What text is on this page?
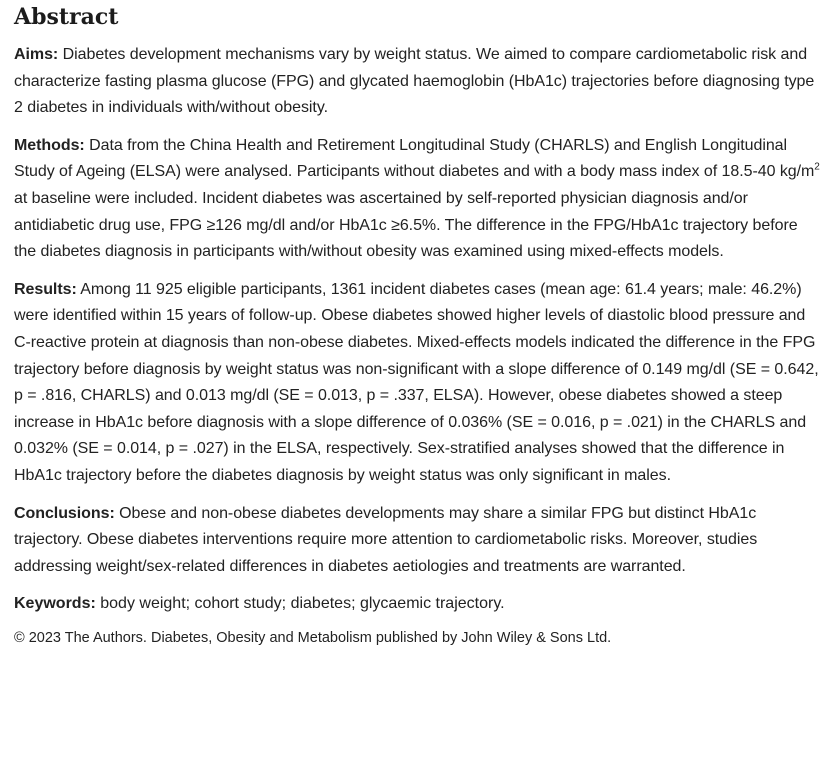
Abstract

Aims: Diabetes development mechanisms vary by weight status. We aimed to compare cardiometabolic risk and characterize fasting plasma glucose (FPG) and glycated haemoglobin (HbA1c) trajectories before diagnosing type 2 diabetes in individuals with/without obesity.

Methods: Data from the China Health and Retirement Longitudinal Study (CHARLS) and English Longitudinal Study of Ageing (ELSA) were analysed. Participants without diabetes and with a body mass index of 18.5-40 $kg/m^2$ at baseline were included. Incident diabetes was ascertained by self-reported physician diagnosis and/or antidiabetic drug use, FPG ≥126 mg/dl and/or HbA1c ≥6.5%. The difference in the FPG/HbA1c trajectory before the diabetes diagnosis in participants with/without obesity was examined using mixed-effects models.

Results: Among 11 925 eligible participants, 1361 incident diabetes cases (mean age: 61.4 years; male: 46.2%) were identified within 15 years of follow-up. Obese diabetes showed higher levels of diastolic blood pressure and C-reactive protein at diagnosis than non-obese diabetes. Mixed-effects models indicated the difference in the FPG trajectory before diagnosis by weight status was non-significant with a slope difference of 0.149 mg/dl (SE = 0.642, p = .816, CHARLS) and 0.013 mg/dl (SE = 0.013, p = .337, ELSA). However, obese diabetes showed a steep increase in HbA1c before diagnosis with a slope difference of 0.036% (SE = 0.016, p = .021) in the CHARLS and 0.032% (SE = 0.014, p = .027) in the ELSA, respectively. Sex-stratified analyses showed that the difference in HbA1c trajectory before the diabetes diagnosis by weight status was only significant in males.

Conclusions: Obese and non-obese diabetes developments may share a similar FPG but distinct HbA1c trajectory. Obese diabetes interventions require more attention to cardiometabolic risks. Moreover, studies addressing weight/sex-related differences in diabetes aetiologies and treatments are warranted.

Keywords: body weight; cohort study; diabetes; glycaemic trajectory.

© 2023 The Authors. Diabetes, Obesity and Metabolism published by John Wiley & Sons Ltd.
